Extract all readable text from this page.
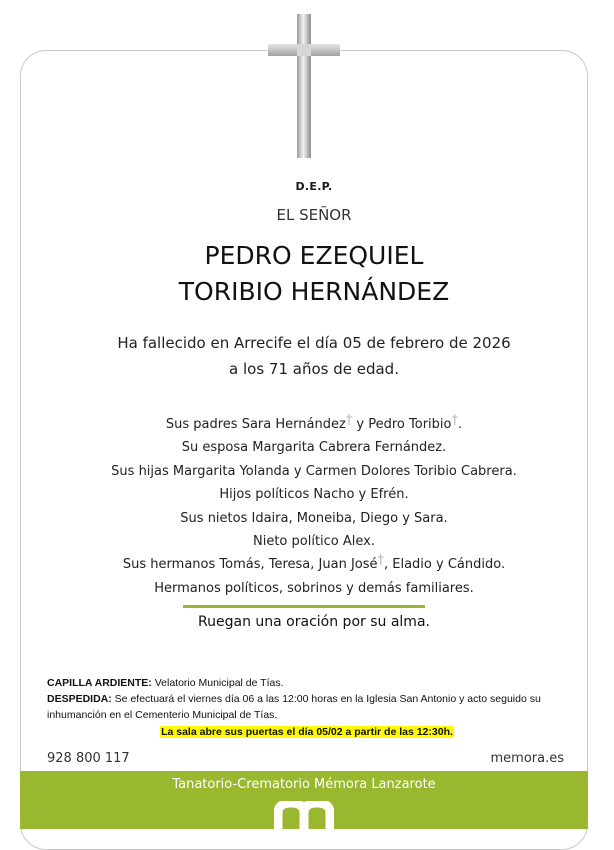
D.E.P.
EL SEÑOR
PEDRO EZEQUIEL
TORIBIO HERNÁNDEZ
Ha fallecido en Arrecife el día 05 de febrero de 2026
a los 71 años de edad.
Sus padres Sara Hernández† y Pedro Toribio†.
Su esposa Margarita Cabrera Fernández.
Sus hijas Margarita Yolanda y Carmen Dolores Toribio Cabrera.
Hijos políticos Nacho y Efrén.
Sus nietos Idaira, Moneiba, Diego y Sara.
Nieto político Alex.
Sus hermanos Tomás, Teresa, Juan José†, Eladio y Cándido.
Hermanos políticos, sobrinos y demás familiares.
Ruegan una oración por su alma.
CAPILLA ARDIENTE: Velatorio Municipal de Tías.
DESPEDIDA: Se efectuará el viernes día 06 a las 12:00 horas en la Iglesia San Antonio y acto seguido su inhumanción en el Cementerio Municipal de Tías.
La sala abre sus puertas el día 05/02 a partir de las 12:30h.
928 800 117	memora.es
Tanatorio-Crematorio Mémora Lanzarote
